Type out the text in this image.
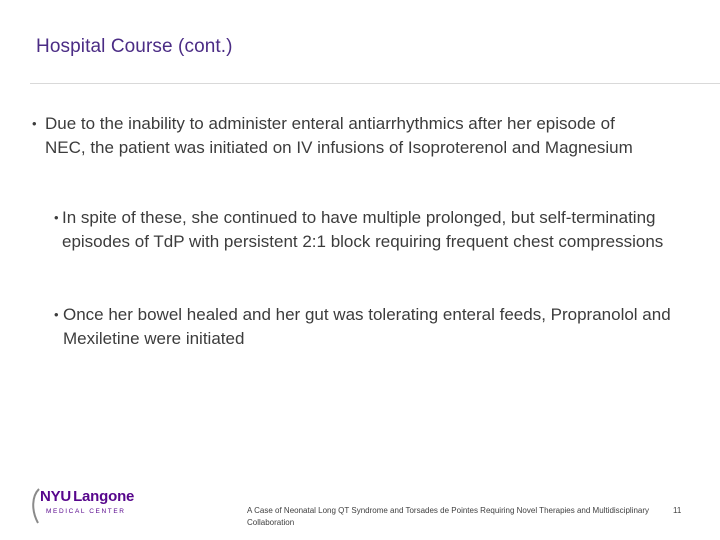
Hospital Course (cont.)
• Due to the inability to administer enteral antiarrhythmics after her episode of NEC, the patient was initiated on IV infusions of Isoproterenol and Magnesium
• In spite of these, she continued to have multiple prolonged, but self-terminating episodes of TdP with persistent 2:1 block requiring frequent chest compressions
• Once her bowel healed and her gut was tolerating enteral feeds, Propranolol and Mexiletine were initiated
NYU Langone
MEDICAL CENTER	A Case of Neonatal Long QT Syndrome and Torsades de Pointes Requiring Novel Therapies and Multidisciplinary Collaboration
11
